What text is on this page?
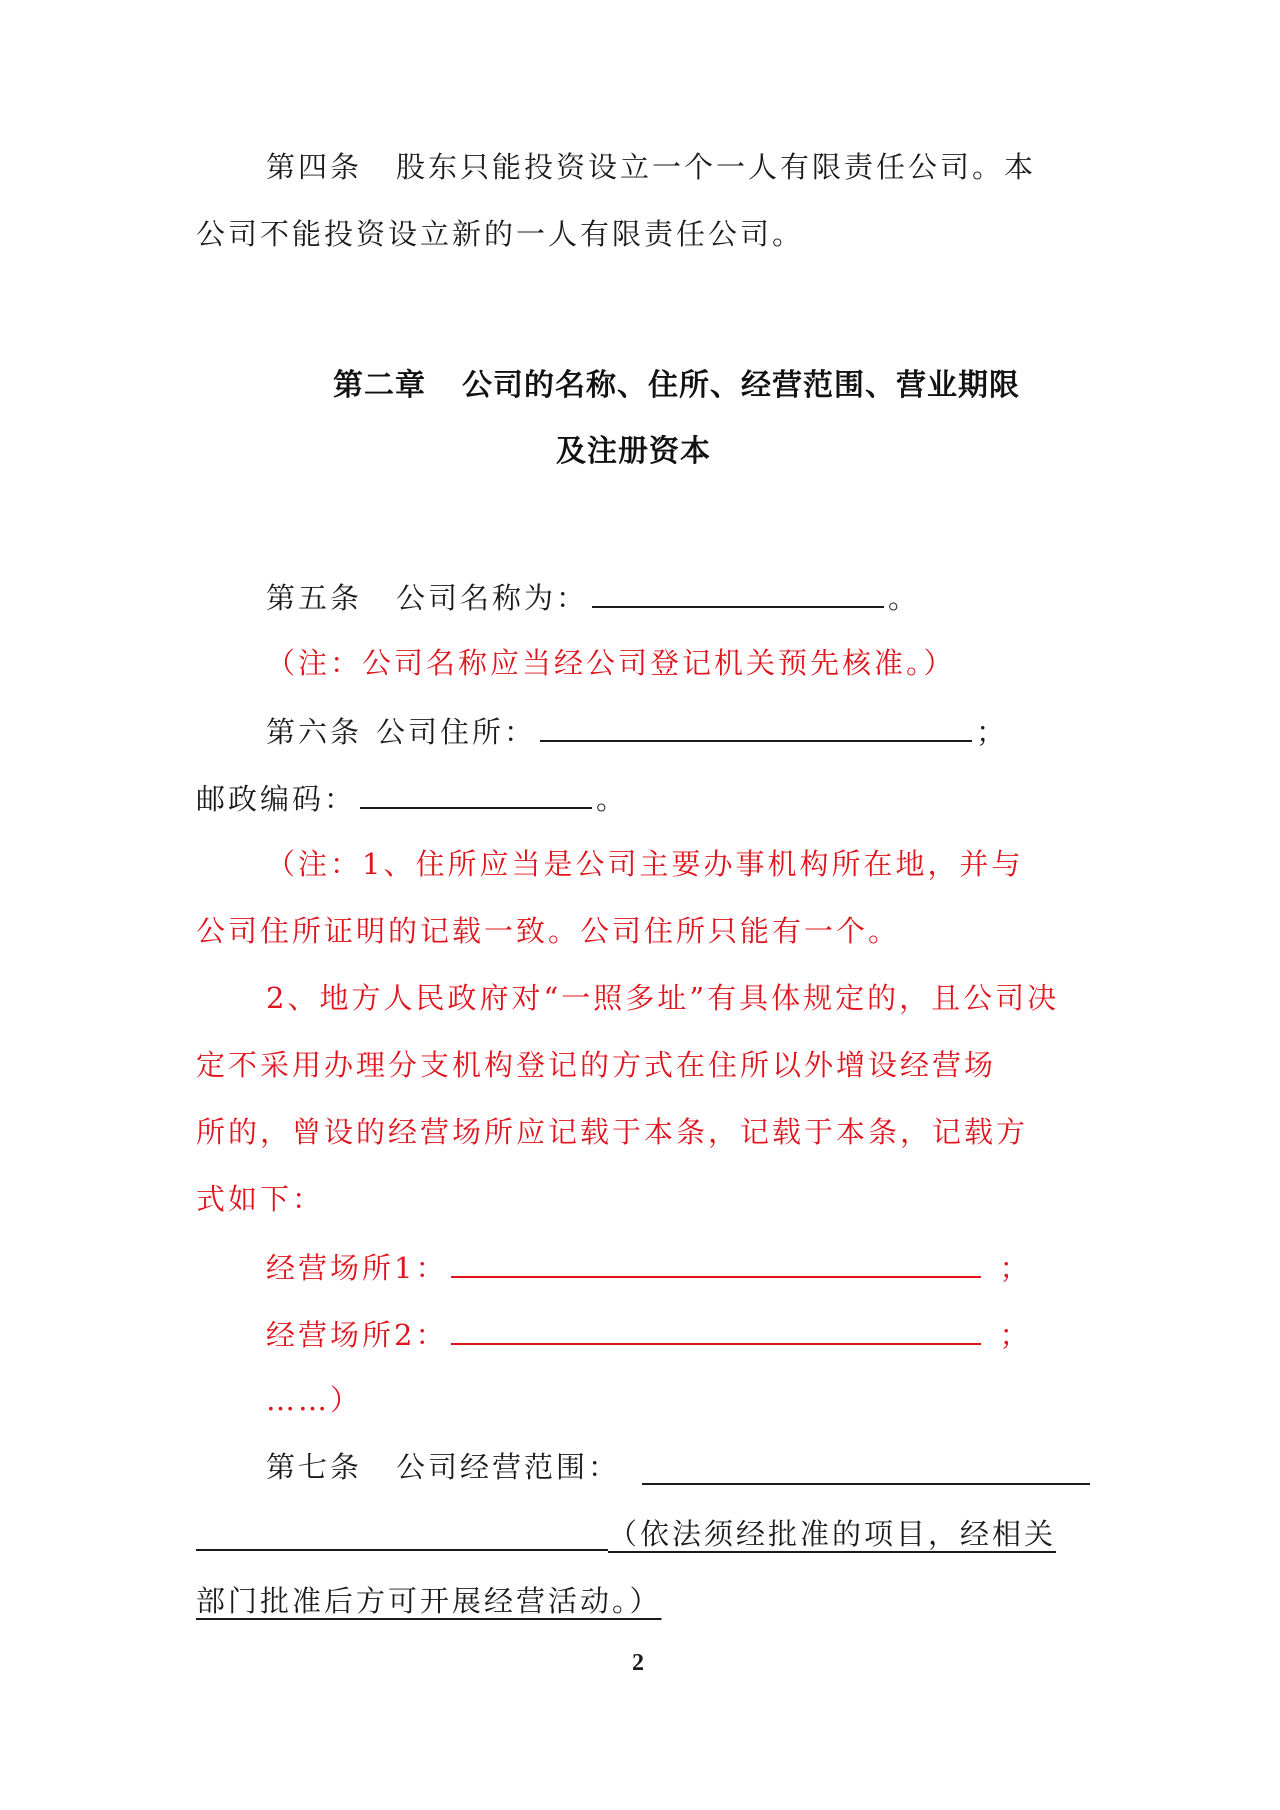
第四条 股东只能投资设立一个一人有限责任公司。本
公司不能投资设立新的一人有限责任公司。
第二章 公司的名称、住所、经营范围、营业期限
及注册资本
第五条 公司名称为：	。
（注：公司名称应当经公司登记机关预先核准。）
第六条 公司住所：	；
邮政编码：	。
（注：1、住所应当是公司主要办事机构所在地，并与
公司住所证明的记载一致。公司住所只能有一个。
2、地方人民政府对“一照多址”有具体规定的，且公司决
定不采用办理分支机构登记的方式在住所以外增设经营场
所的，曾设的经营场所应记载于本条，记载于本条，记载方
式如下：
经营场所1：	；
经营场所2：	；
……）
第七条 公司经营范围：
（依法须经批准的项目，经相关
部门批准后方可开展经营活动。）
2
